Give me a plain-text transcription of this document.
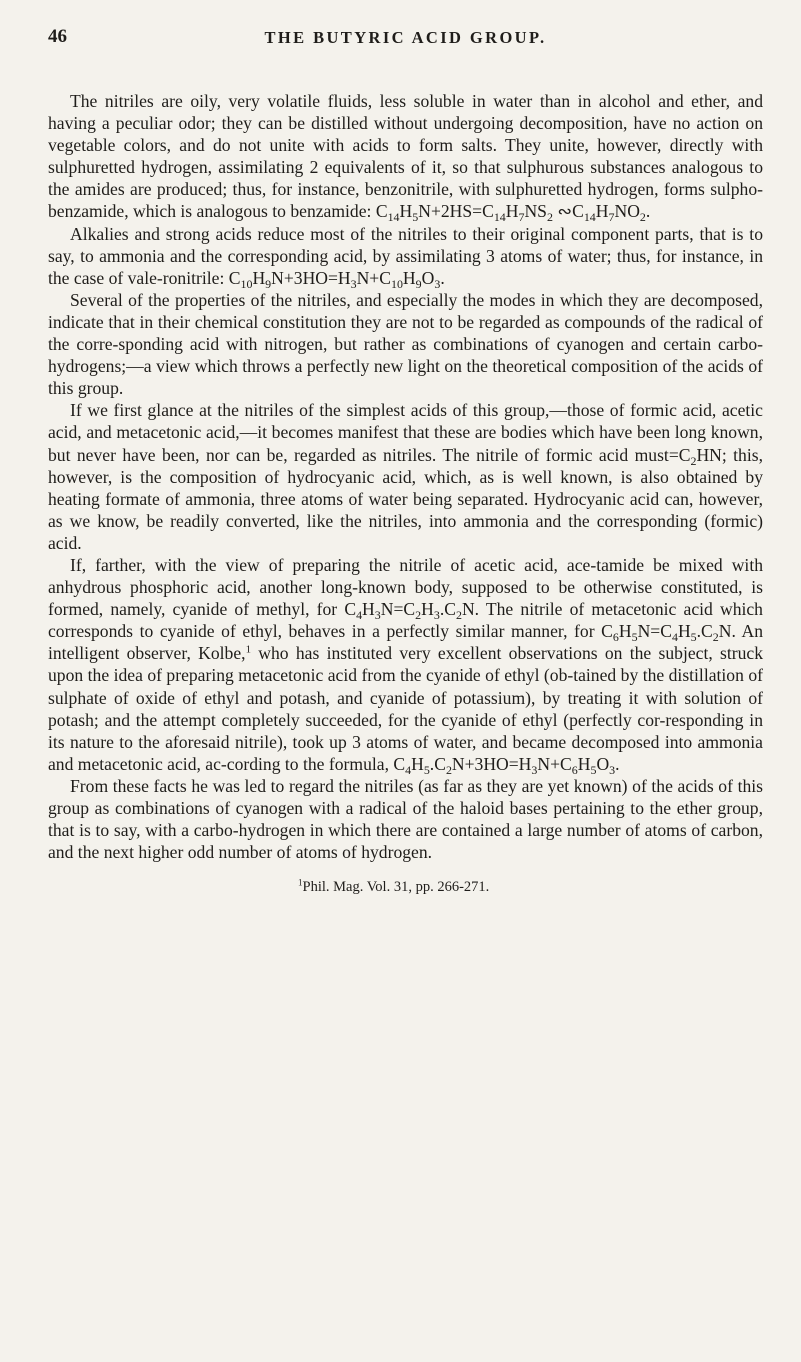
46	THE BUTYRIC ACID GROUP.

The nitriles are oily, very volatile fluids, less soluble in water than in alcohol and ether, and having a peculiar odor; they can be distilled without undergoing decomposition, have no action on vegetable colors, and do not unite with acids to form salts. They unite, however, directly with sulphuretted hydrogen, assimilating 2 equivalents of it, so that sulphurous substances analogous to the amides are produced; thus, for instance, benzonitrile, with sulphuretted hydrogen, forms sulpho-benzamide, which is analogous to benzamide: $C_{14}H_5N+2HS=C_{14}H_7NS_2$ $∾C_{14}H_7NO_2$.

Alkalies and strong acids reduce most of the nitriles to their original component parts, that is to say, to ammonia and the corresponding acid, by assimilating 3 atoms of water; thus, for instance, in the case of vale-ronitrile: $C_{10}H_9N+3HO=H_3N+C_{10}H_9O_3$.

Several of the properties of the nitriles, and especially the modes in which they are decomposed, indicate that in their chemical constitution they are not to be regarded as compounds of the radical of the corre-sponding acid with nitrogen, but rather as combinations of cyanogen and certain carbo-hydrogens;—a view which throws a perfectly new light on the theoretical composition of the acids of this group.

If we first glance at the nitriles of the simplest acids of this group,—those of formic acid, acetic acid, and metacetonic acid,—it becomes manifest that these are bodies which have been long known, but never have been, nor can be, regarded as nitriles. The nitrile of formic acid $must=C_2HN$; this, however, is the composition of hydrocyanic acid, which, as is well known, is also obtained by heating formate of ammonia, three atoms of water being separated. Hydrocyanic acid can, however, as we know, be readily converted, like the nitriles, into ammonia and the corresponding (formic) acid.

If, farther, with the view of preparing the nitrile of acetic acid, ace-tamide be mixed with anhydrous phosphoric acid, another long-known body, supposed to be otherwise constituted, is formed, namely, cyanide of methyl, for $C_4H_3N=C_2H_3.C_2N$. The nitrile of metacetonic acid which corresponds to cyanide of ethyl, behaves in a perfectly similar manner, for $C_6H_5N=C_4H_5.C_2N$. An intelligent observer, Kolbe,$^1$ who has instituted very excellent observations on the subject, struck upon the idea of preparing metacetonic acid from the cyanide of ethyl (ob-tained by the distillation of sulphate of oxide of ethyl and potash, and cyanide of potassium), by treating it with solution of potash; and the attempt completely succeeded, for the cyanide of ethyl (perfectly cor-responding in its nature to the aforesaid nitrile), took up 3 atoms of water, and became decomposed into ammonia and metacetonic acid, ac-cording to the formula, $C_4H_5.C_2N+3HO=H_3N+C_6H_5O_3$.

From these facts he was led to regard the nitriles (as far as they are yet known) of the acids of this group as combinations of cyanogen with a radical of the haloid bases pertaining to the ether group, that is to say, with a carbo-hydrogen in which there are contained a large number of atoms of carbon, and the next higher odd number of atoms of hydrogen.

$^1$Phil. Mag. Vol. 31, pp. 266-271.
